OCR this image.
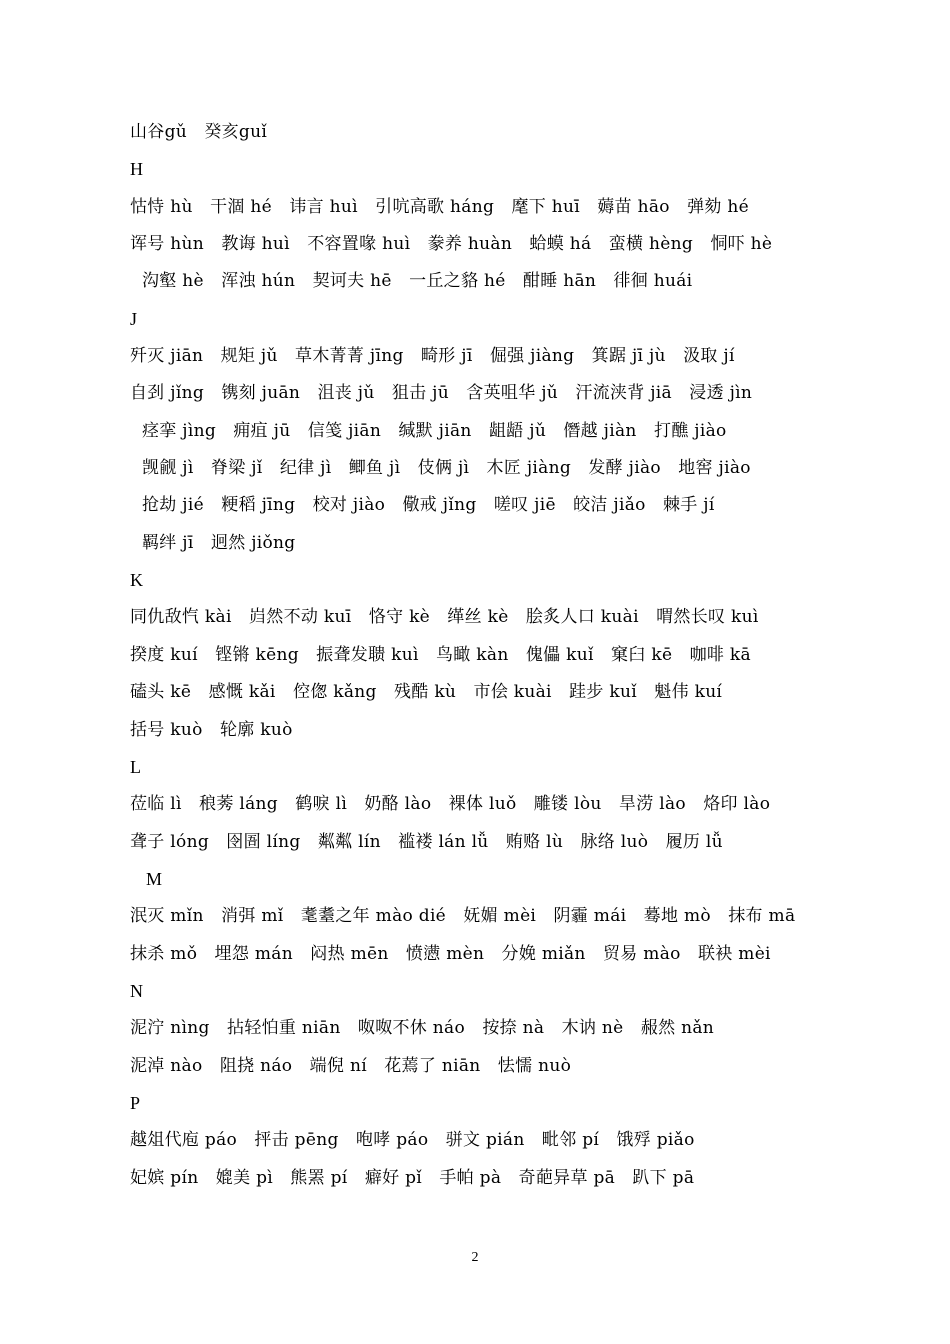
山谷gǔ　癸亥guǐ
H
怙恃 hù　干涸 hé　讳言 huì　引吭高歌 háng　麾下 huī　薅苗 hāo　弹劾 hé
诨号 hùn　教诲 huì　不容置喙 huì　豢养 huàn　蛤蟆 há　蛮横 hèng　恫吓 hè
沟壑 hè　浑浊 hún　契诃夫 hē　一丘之貉 hé　酣睡 hān　徘徊 huái
J
歼灭 jiān　规矩 jǔ　草木菁菁 jīng　畸形 jī　倔强 jiàng　箕踞 jī jù　汲取 jí
自刭 jǐng　镌刻 juān　沮丧 jǔ　狙击 jū　含英咀华 jǔ　汗流浃背 jiā　浸透 jìn
痉挛 jìng　痈疽 jū　信笺 jiān　缄默 jiān　龃龉 jǔ　僭越 jiàn　打醮 jiào
觊觎 jì　脊梁 jǐ　纪律 jì　鲫鱼 jì　伎俩 jì　木匠 jiàng　发酵 jiào　地窖 jiào
抢劫 jié　粳稻 jīng　校对 jiào　儆戒 jǐng　嗟叹 jiē　皎洁 jiǎo　棘手 jí
羁绊 jī　迥然 jiǒng
K
同仇敌忾 kài　岿然不动 kuī　恪守 kè　缂丝 kè　脍炙人口 kuài　喟然长叹 kuì
揆度 kuí　铿锵 kēng　振聋发聩 kuì　鸟瞰 kàn　傀儡 kuǐ　窠臼 kē　咖啡 kā
磕头 kē　感慨 kǎi　倥偬 kǎng　残酷 kù　市侩 kuài　跬步 kuǐ　魁伟 kuí
括号 kuò　轮廓 kuò
L
莅临 lì　稂莠 láng　鹤唳 lì　奶酪 lào　裸体 luǒ　雕镂 lòu　旱涝 lào　烙印 lào
聋子 lóng　囹圄 líng　粼粼 lín　褴褛 lán lǚ　贿赂 lù　脉络 luò　履历 lǚ
M
泯灭 mǐn　消弭 mǐ　耄耋之年 mào dié　妩媚 mèi　阴霾 mái　蓦地 mò　抹布 mā
抹杀 mǒ　埋怨 mán　闷热 mēn　愤懑 mèn　分娩 miǎn　贸易 mào　联袂 mèi
N
泥泞 nìng　拈轻怕重 niān　呶呶不休 náo　按捺 nà　木讷 nè　赧然 nǎn
泥淖 nào　阻挠 náo　端倪 ní　花蔫了 niān　怯懦 nuò
P
越俎代庖 páo　抨击 pēng　咆哮 páo　骈文 pián　毗邻 pí　饿殍 piǎo
妃嫔 pín　媲美 pì　熊罴 pí　癖好 pǐ　手帕 pà　奇葩异草 pā　趴下 pā
2
